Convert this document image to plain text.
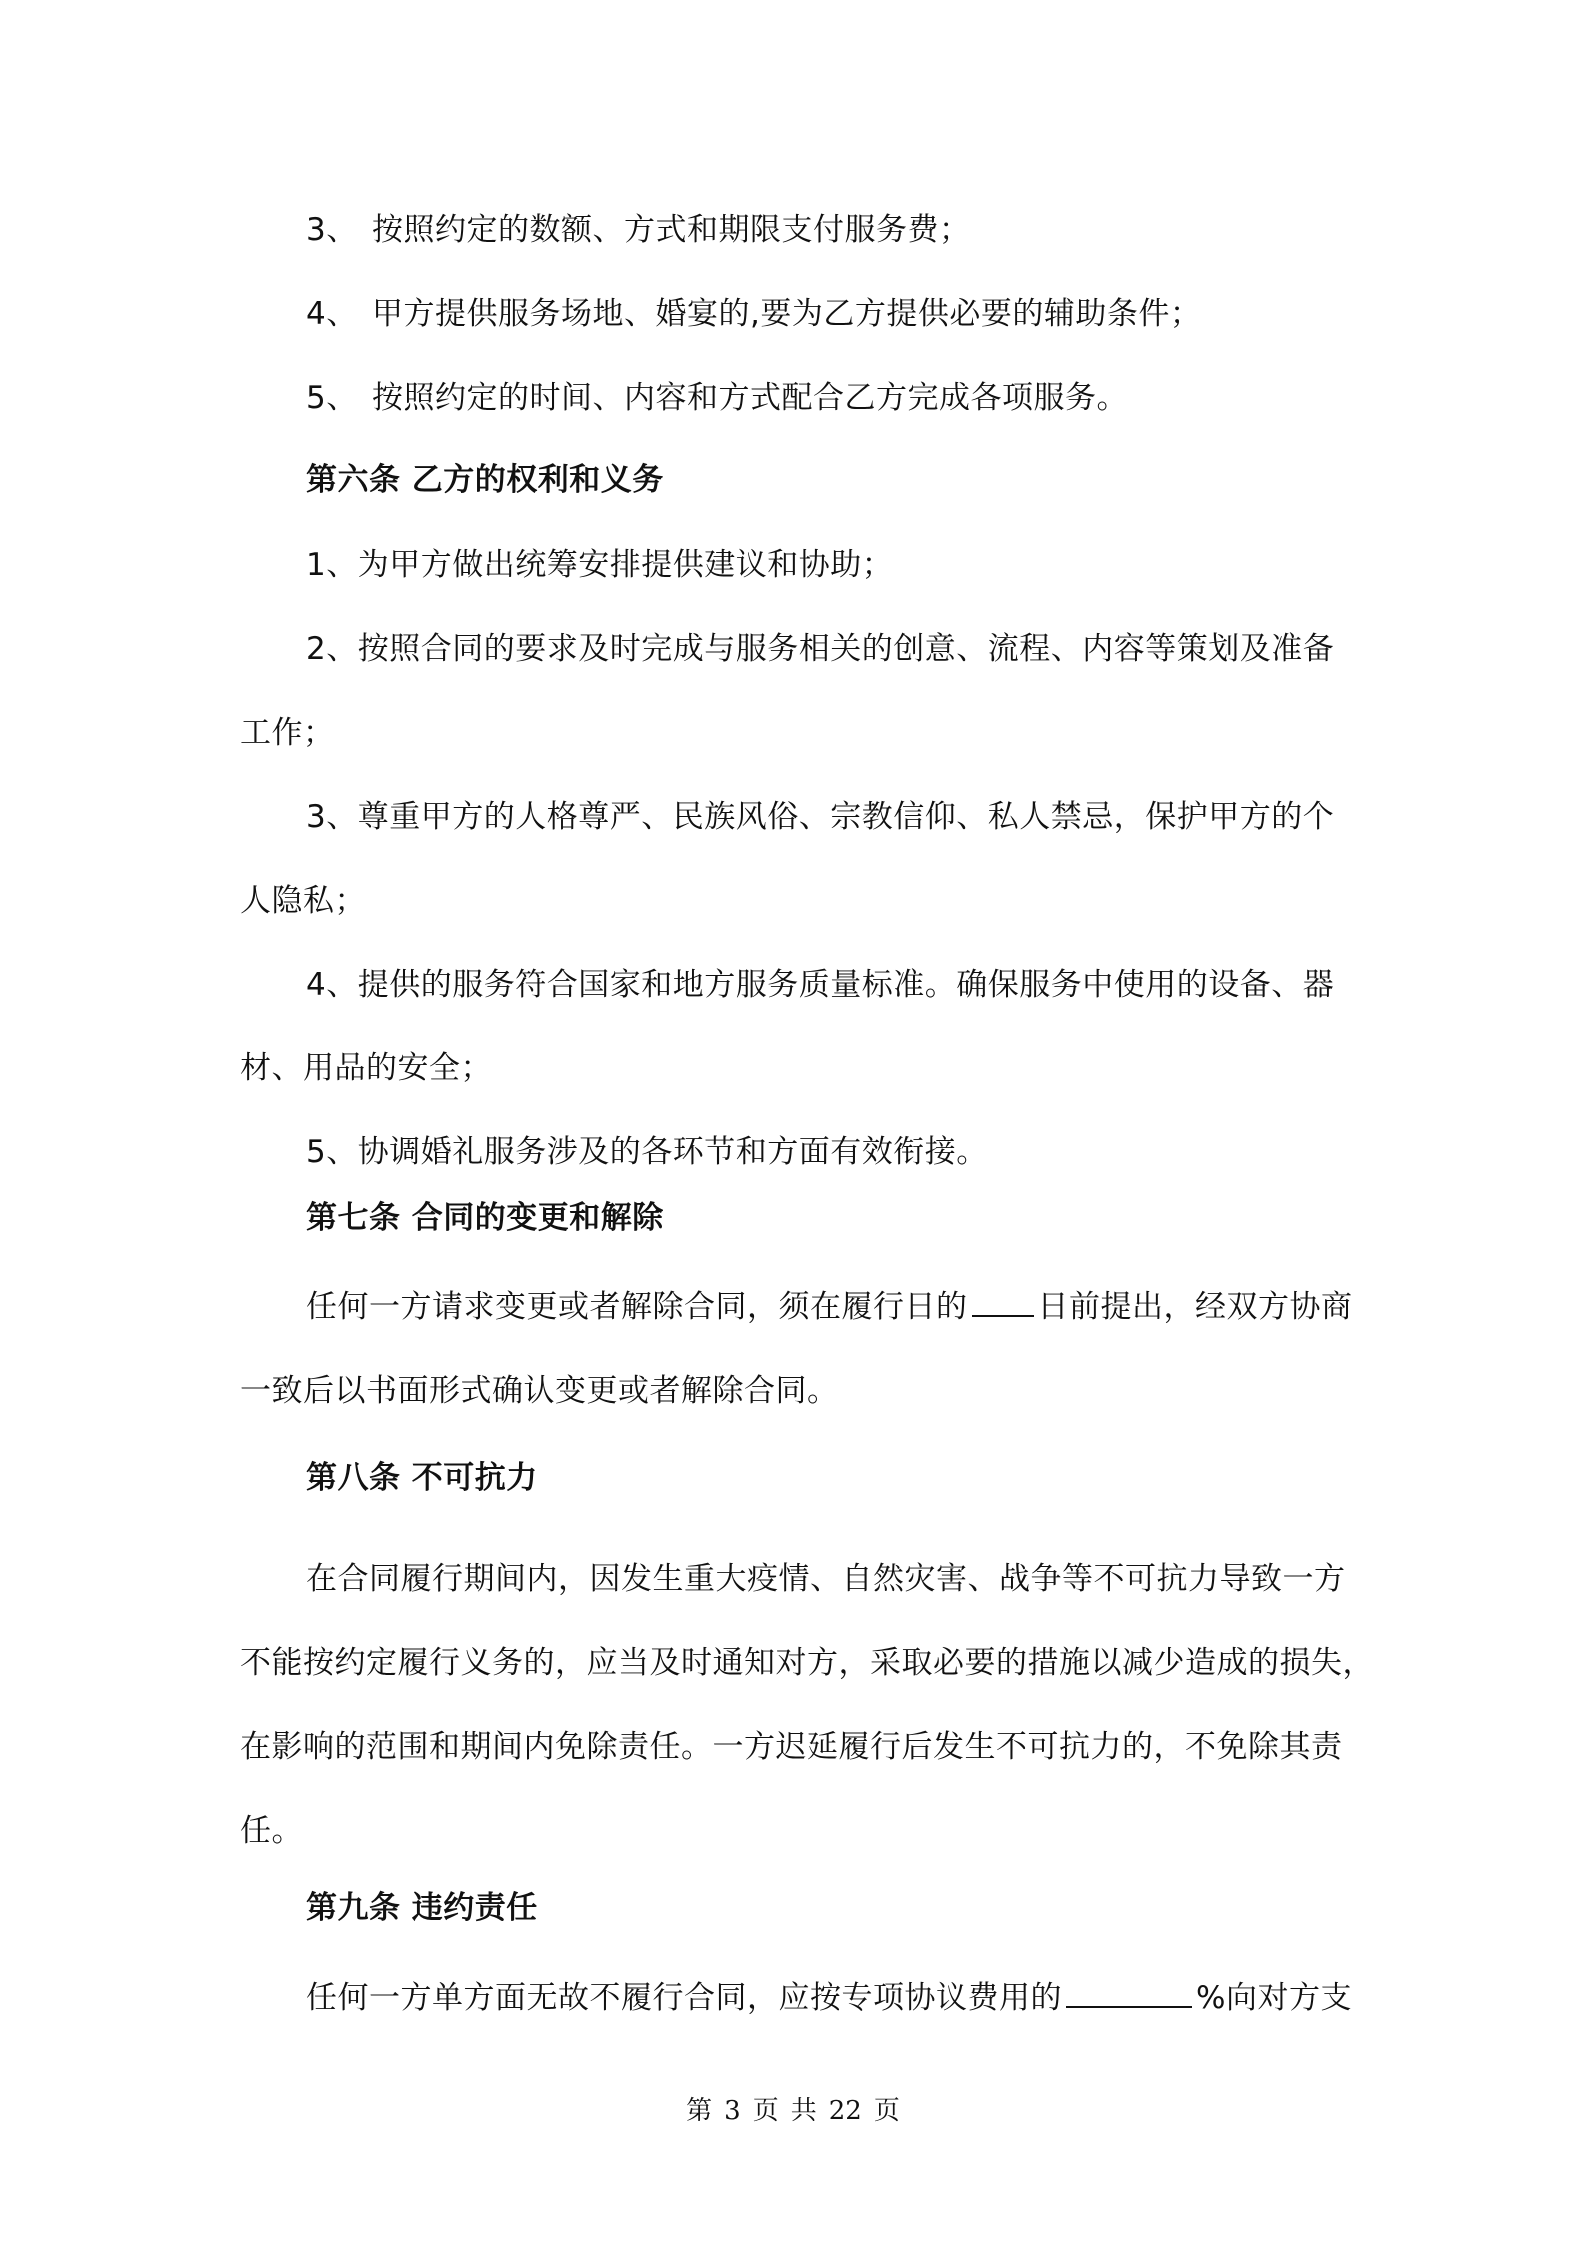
3、 按照约定的数额、方式和期限支付服务费；
4、 甲方提供服务场地、婚宴的,要为乙方提供必要的辅助条件；
5、 按照约定的时间、内容和方式配合乙方完成各项服务。
第六条 乙方的权利和义务
1、为甲方做出统筹安排提供建议和协助；
2、按照合同的要求及时完成与服务相关的创意、流程、内容等策划及准备
工作；
3、尊重甲方的人格尊严、民族风俗、宗教信仰、私人禁忌，保护甲方的个
人隐私；
4、提供的服务符合国家和地方服务质量标准。确保服务中使用的设备、器
材、用品的安全；
5、协调婚礼服务涉及的各环节和方面有效衔接。
第七条 合同的变更和解除
任何一方请求变更或者解除合同，须在履行日的 日前提出，经双方协商
一致后以书面形式确认变更或者解除合同。
第八条 不可抗力
在合同履行期间内，因发生重大疫情、自然灾害、战争等不可抗力导致一方
不能按约定履行义务的，应当及时通知对方，采取必要的措施以减少造成的损失，
在影响的范围和期间内免除责任。一方迟延履行后发生不可抗力的，不免除其责
任。
第九条 违约责任
任何一方单方面无故不履行合同，应按专项协议费用的	%向对方支
第 3 页 共 22 页
